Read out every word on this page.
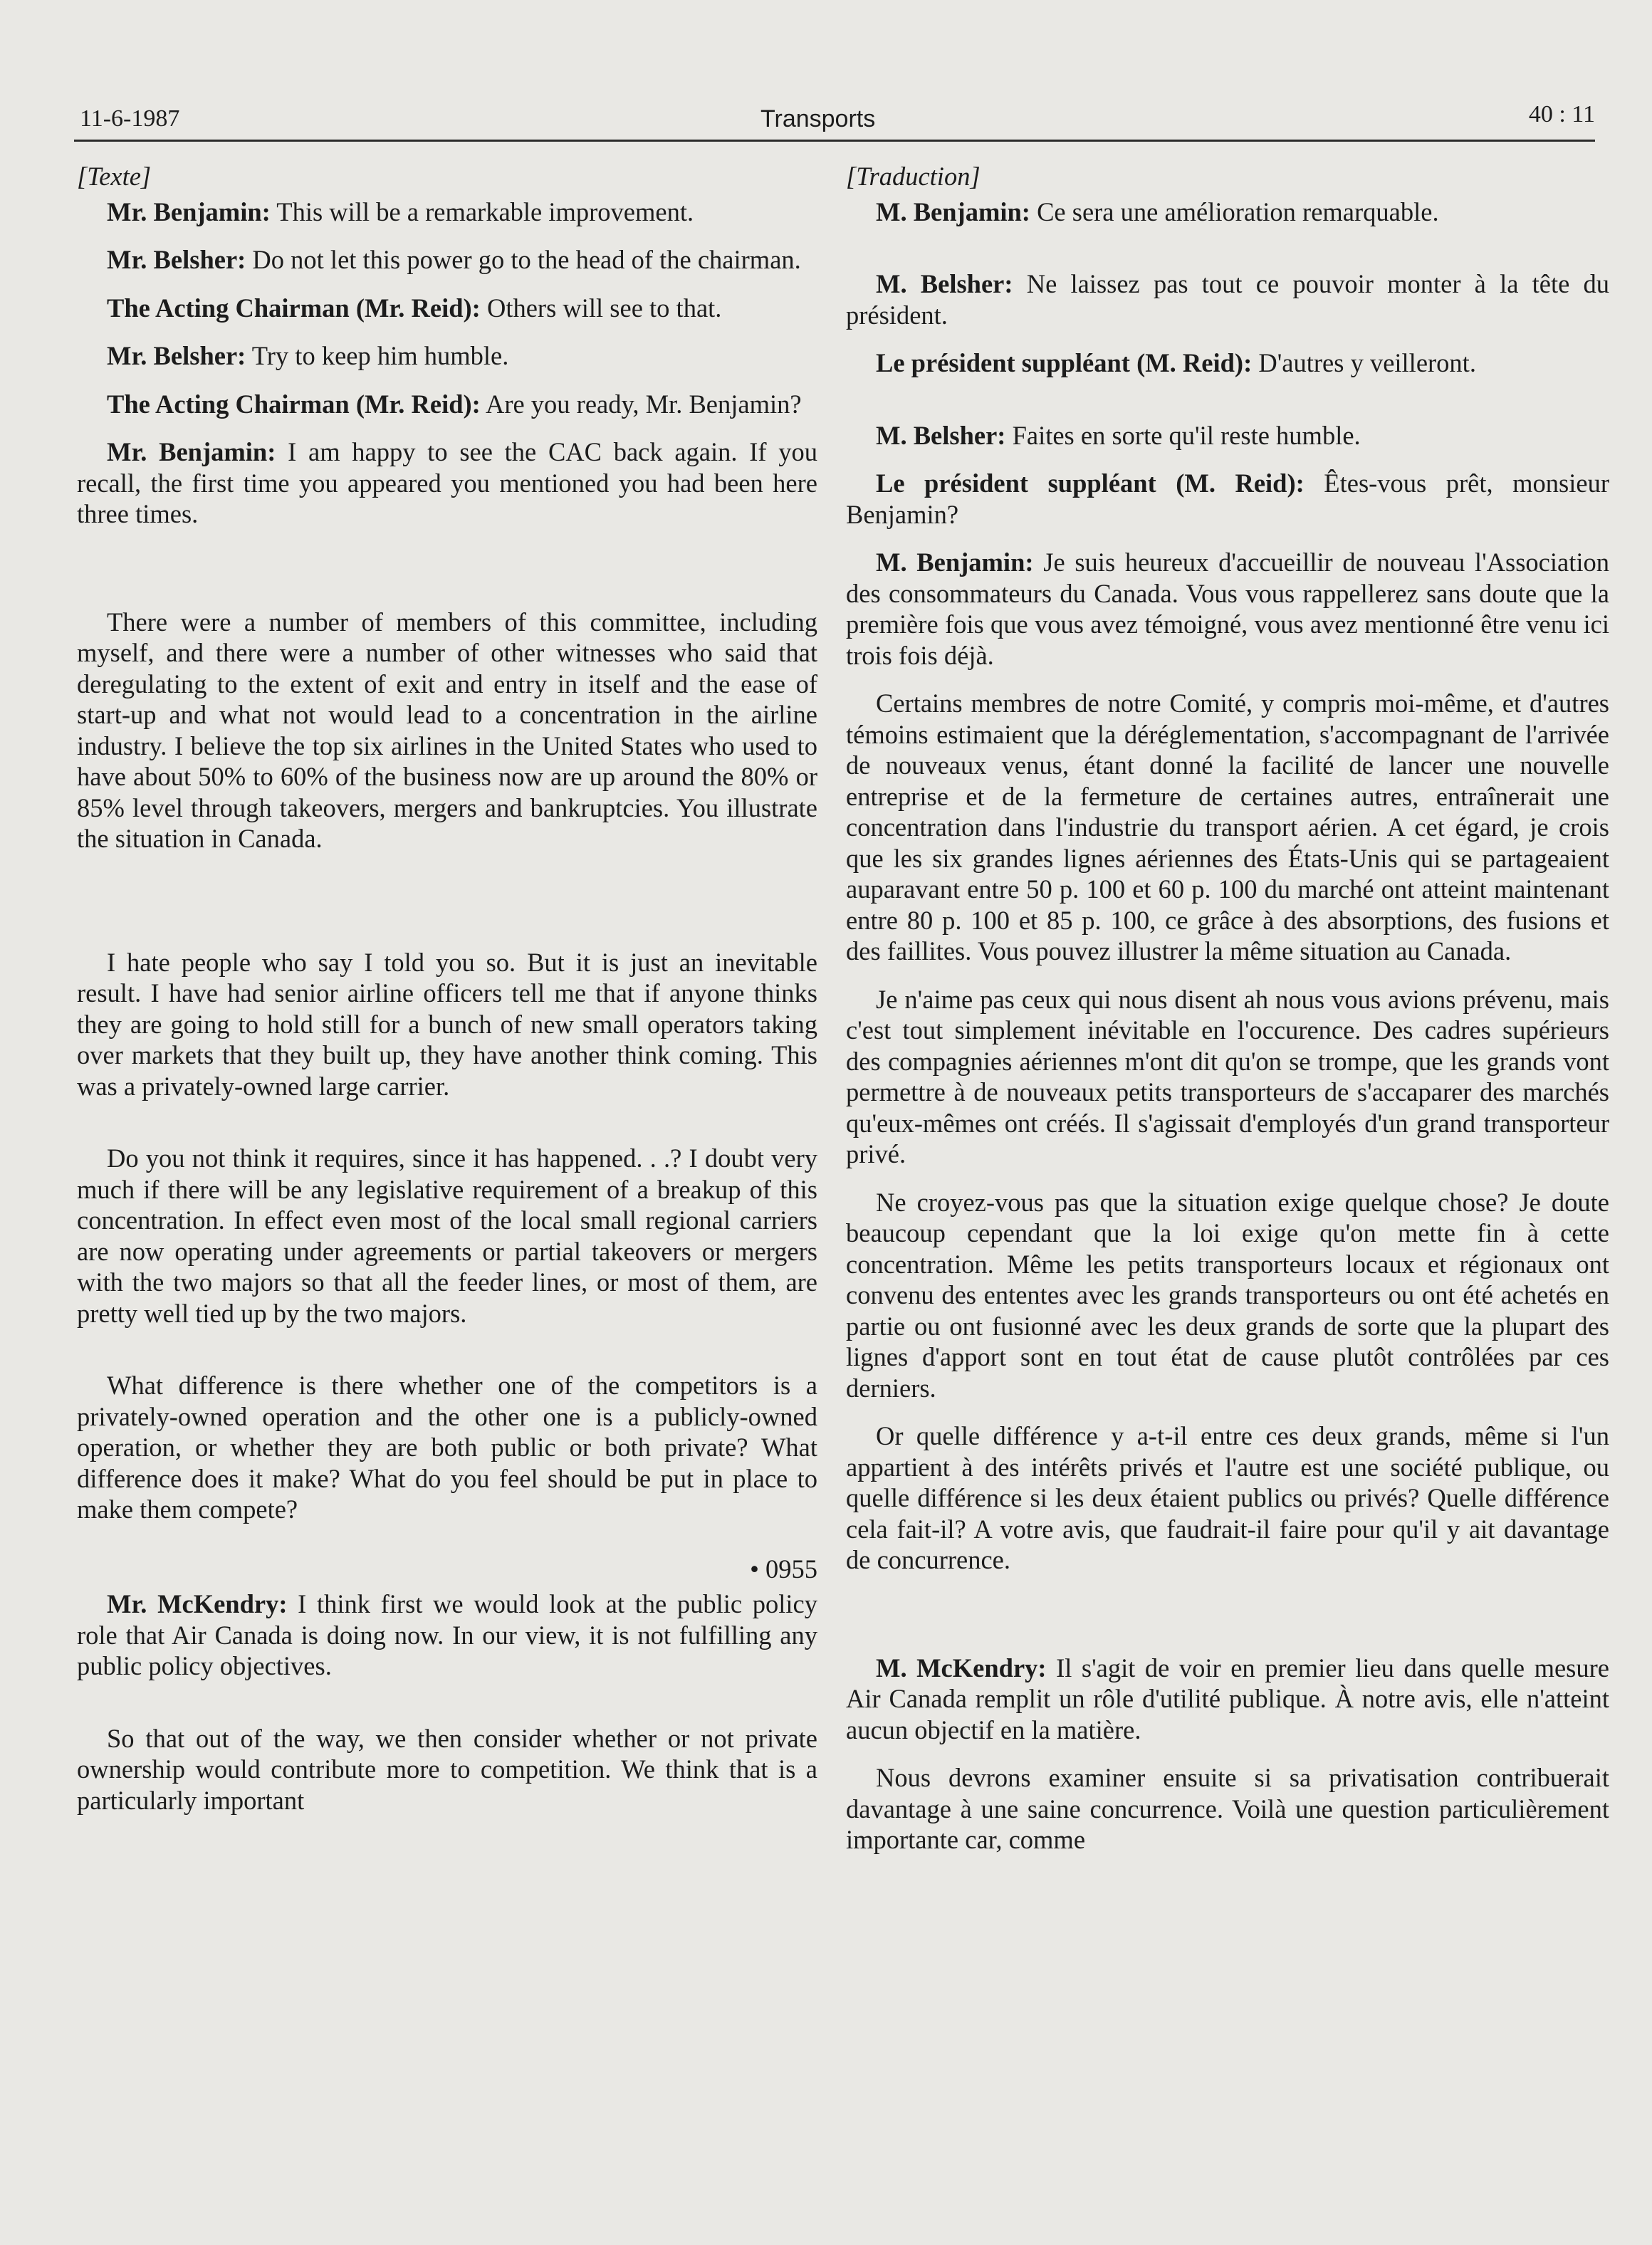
11-6-1987	Transports	40 : 11

[Texte]

Mr. Benjamin: This will be a remarkable improvement.

Mr. Belsher: Do not let this power go to the head of the chairman.

The Acting Chairman (Mr. Reid): Others will see to that.

Mr. Belsher: Try to keep him humble.

The Acting Chairman (Mr. Reid): Are you ready, Mr. Benjamin?

Mr. Benjamin: I am happy to see the CAC back again. If you recall, the first time you appeared you mentioned you had been here three times.

There were a number of members of this committee, including myself, and there were a number of other witnesses who said that deregulating to the extent of exit and entry in itself and the ease of start-up and what not would lead to a concentration in the airline industry. I believe the top six airlines in the United States who used to have about 50% to 60% of the business now are up around the 80% or 85% level through takeovers, mergers and bankruptcies. You illustrate the situation in Canada.

I hate people who say I told you so. But it is just an inevitable result. I have had senior airline officers tell me that if anyone thinks they are going to hold still for a bunch of new small operators taking over markets that they built up, they have another think coming. This was a privately-owned large carrier.

Do you not think it requires, since it has happened. . .? I doubt very much if there will be any legislative requirement of a breakup of this concentration. In effect even most of the local small regional carriers are now operating under agreements or partial takeovers or mergers with the two majors so that all the feeder lines, or most of them, are pretty well tied up by the two majors.

What difference is there whether one of the competitors is a privately-owned operation and the other one is a publicly-owned operation, or whether they are both public or both private? What difference does it make? What do you feel should be put in place to make them compete?

• 0955

Mr. McKendry: I think first we would look at the public policy role that Air Canada is doing now. In our view, it is not fulfilling any public policy objectives.

So that out of the way, we then consider whether or not private ownership would contribute more to competition. We think that is a particularly important

[Traduction]

M. Benjamin: Ce sera une amélioration remarquable.

M. Belsher: Ne laissez pas tout ce pouvoir monter à la tête du président.

Le président suppléant (M. Reid): D'autres y veilleront.

M. Belsher: Faites en sorte qu'il reste humble.

Le président suppléant (M. Reid): Êtes-vous prêt, monsieur Benjamin?

M. Benjamin: Je suis heureux d'accueillir de nouveau l'Association des consommateurs du Canada. Vous vous rappellerez sans doute que la première fois que vous avez témoigné, vous avez mentionné être venu ici trois fois déjà.

Certains membres de notre Comité, y compris moi-même, et d'autres témoins estimaient que la déréglementation, s'accompagnant de l'arrivée de nouveaux venus, étant donné la facilité de lancer une nouvelle entreprise et de la fermeture de certaines autres, entraînerait une concentration dans l'industrie du transport aérien. A cet égard, je crois que les six grandes lignes aériennes des États-Unis qui se partageaient auparavant entre 50 p. 100 et 60 p. 100 du marché ont atteint maintenant entre 80 p. 100 et 85 p. 100, ce grâce à des absorptions, des fusions et des faillites. Vous pouvez illustrer la même situation au Canada.

Je n'aime pas ceux qui nous disent ah nous vous avions prévenu, mais c'est tout simplement inévitable en l'occurence. Des cadres supérieurs des compagnies aériennes m'ont dit qu'on se trompe, que les grands vont permettre à de nouveaux petits transporteurs de s'accaparer des marchés qu'eux-mêmes ont créés. Il s'agissait d'employés d'un grand transporteur privé.

Ne croyez-vous pas que la situation exige quelque chose? Je doute beaucoup cependant que la loi exige qu'on mette fin à cette concentration. Même les petits transporteurs locaux et régionaux ont convenu des ententes avec les grands transporteurs ou ont été achetés en partie ou ont fusionné avec les deux grands de sorte que la plupart des lignes d'apport sont en tout état de cause plutôt contrôlées par ces derniers.

Or quelle différence y a-t-il entre ces deux grands, même si l'un appartient à des intérêts privés et l'autre est une société publique, ou quelle différence si les deux étaient publics ou privés? Quelle différence cela fait-il? A votre avis, que faudrait-il faire pour qu'il y ait davantage de concurrence.

M. McKendry: Il s'agit de voir en premier lieu dans quelle mesure Air Canada remplit un rôle d'utilité publique. À notre avis, elle n'atteint aucun objectif en la matière.

Nous devrons examiner ensuite si sa privatisation contribuerait davantage à une saine concurrence. Voilà une question particulièrement importante car, comme
